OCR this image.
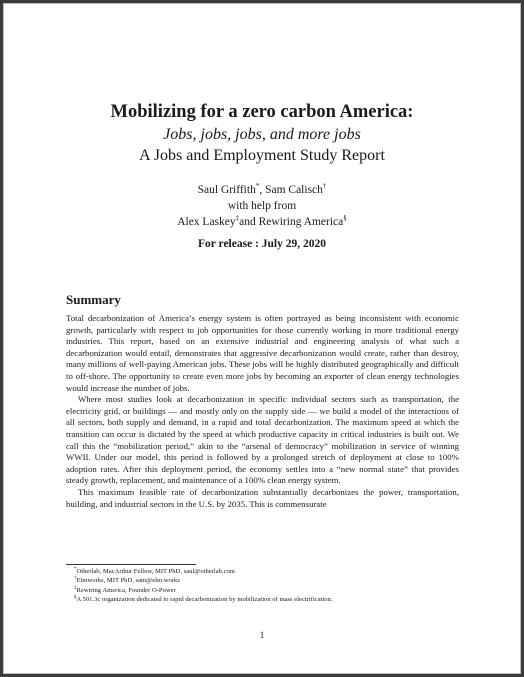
Mobilizing for a zero carbon America:
Jobs, jobs, jobs, and more jobs
A Jobs and Employment Study Report
Saul Griffith*, Sam Calisch†
with help from
Alex Laskey‡and Rewiring America§
For release : July 29, 2020
Summary

Total decarbonization of America’s energy system is often portrayed as being inconsistent with economic growth, particularly with respect to job opportunities for those currently working in more traditional energy industries. This report, based on an extensive industrial and engineering analysis of what such a decarbonization would entail, demonstrates that aggressive decarbonization would create, rather than destroy, many millions of well-paying American jobs. These jobs will be highly distributed geographically and difficult to off-shore. The opportunity to create even more jobs by becoming an exporter of clean energy technologies would increase the number of jobs.

Where most studies look at decarbonization in specific individual sectors such as transportation, the electricity grid, or buildings — and mostly only on the supply side — we build a model of the interactions of all sectors, both supply and demand, in a rapid and total decarbonization. The maximum speed at which the transition can occur is dictated by the speed at which productive capacity in critical industries is built out. We call this the “mobilization period,” akin to the “arsenal of democracy” mobilization in service of winning WWII. Under our model, this period is followed by a prolonged stretch of deployment at close to 100% adoption rates. After this deployment period, the economy settles into a “new normal state” that provides steady growth, replacement, and maintenance of a 100% clean energy system.

This maximum feasible rate of decarbonization substantially decarbonizes the power, transportation, building, and industrial sectors in the U.S. by 2035. This is commensurate

*Otherlab, MacArthur Fellow, MIT PhD, saul@otherlab.com
†Elmworks, MIT PhD, sam@elm.works
‡Rewiring America, Founder O-Power
§A 501.3c organization dedicated to rapid decarbonization by mobilization of mass electrification.
1
